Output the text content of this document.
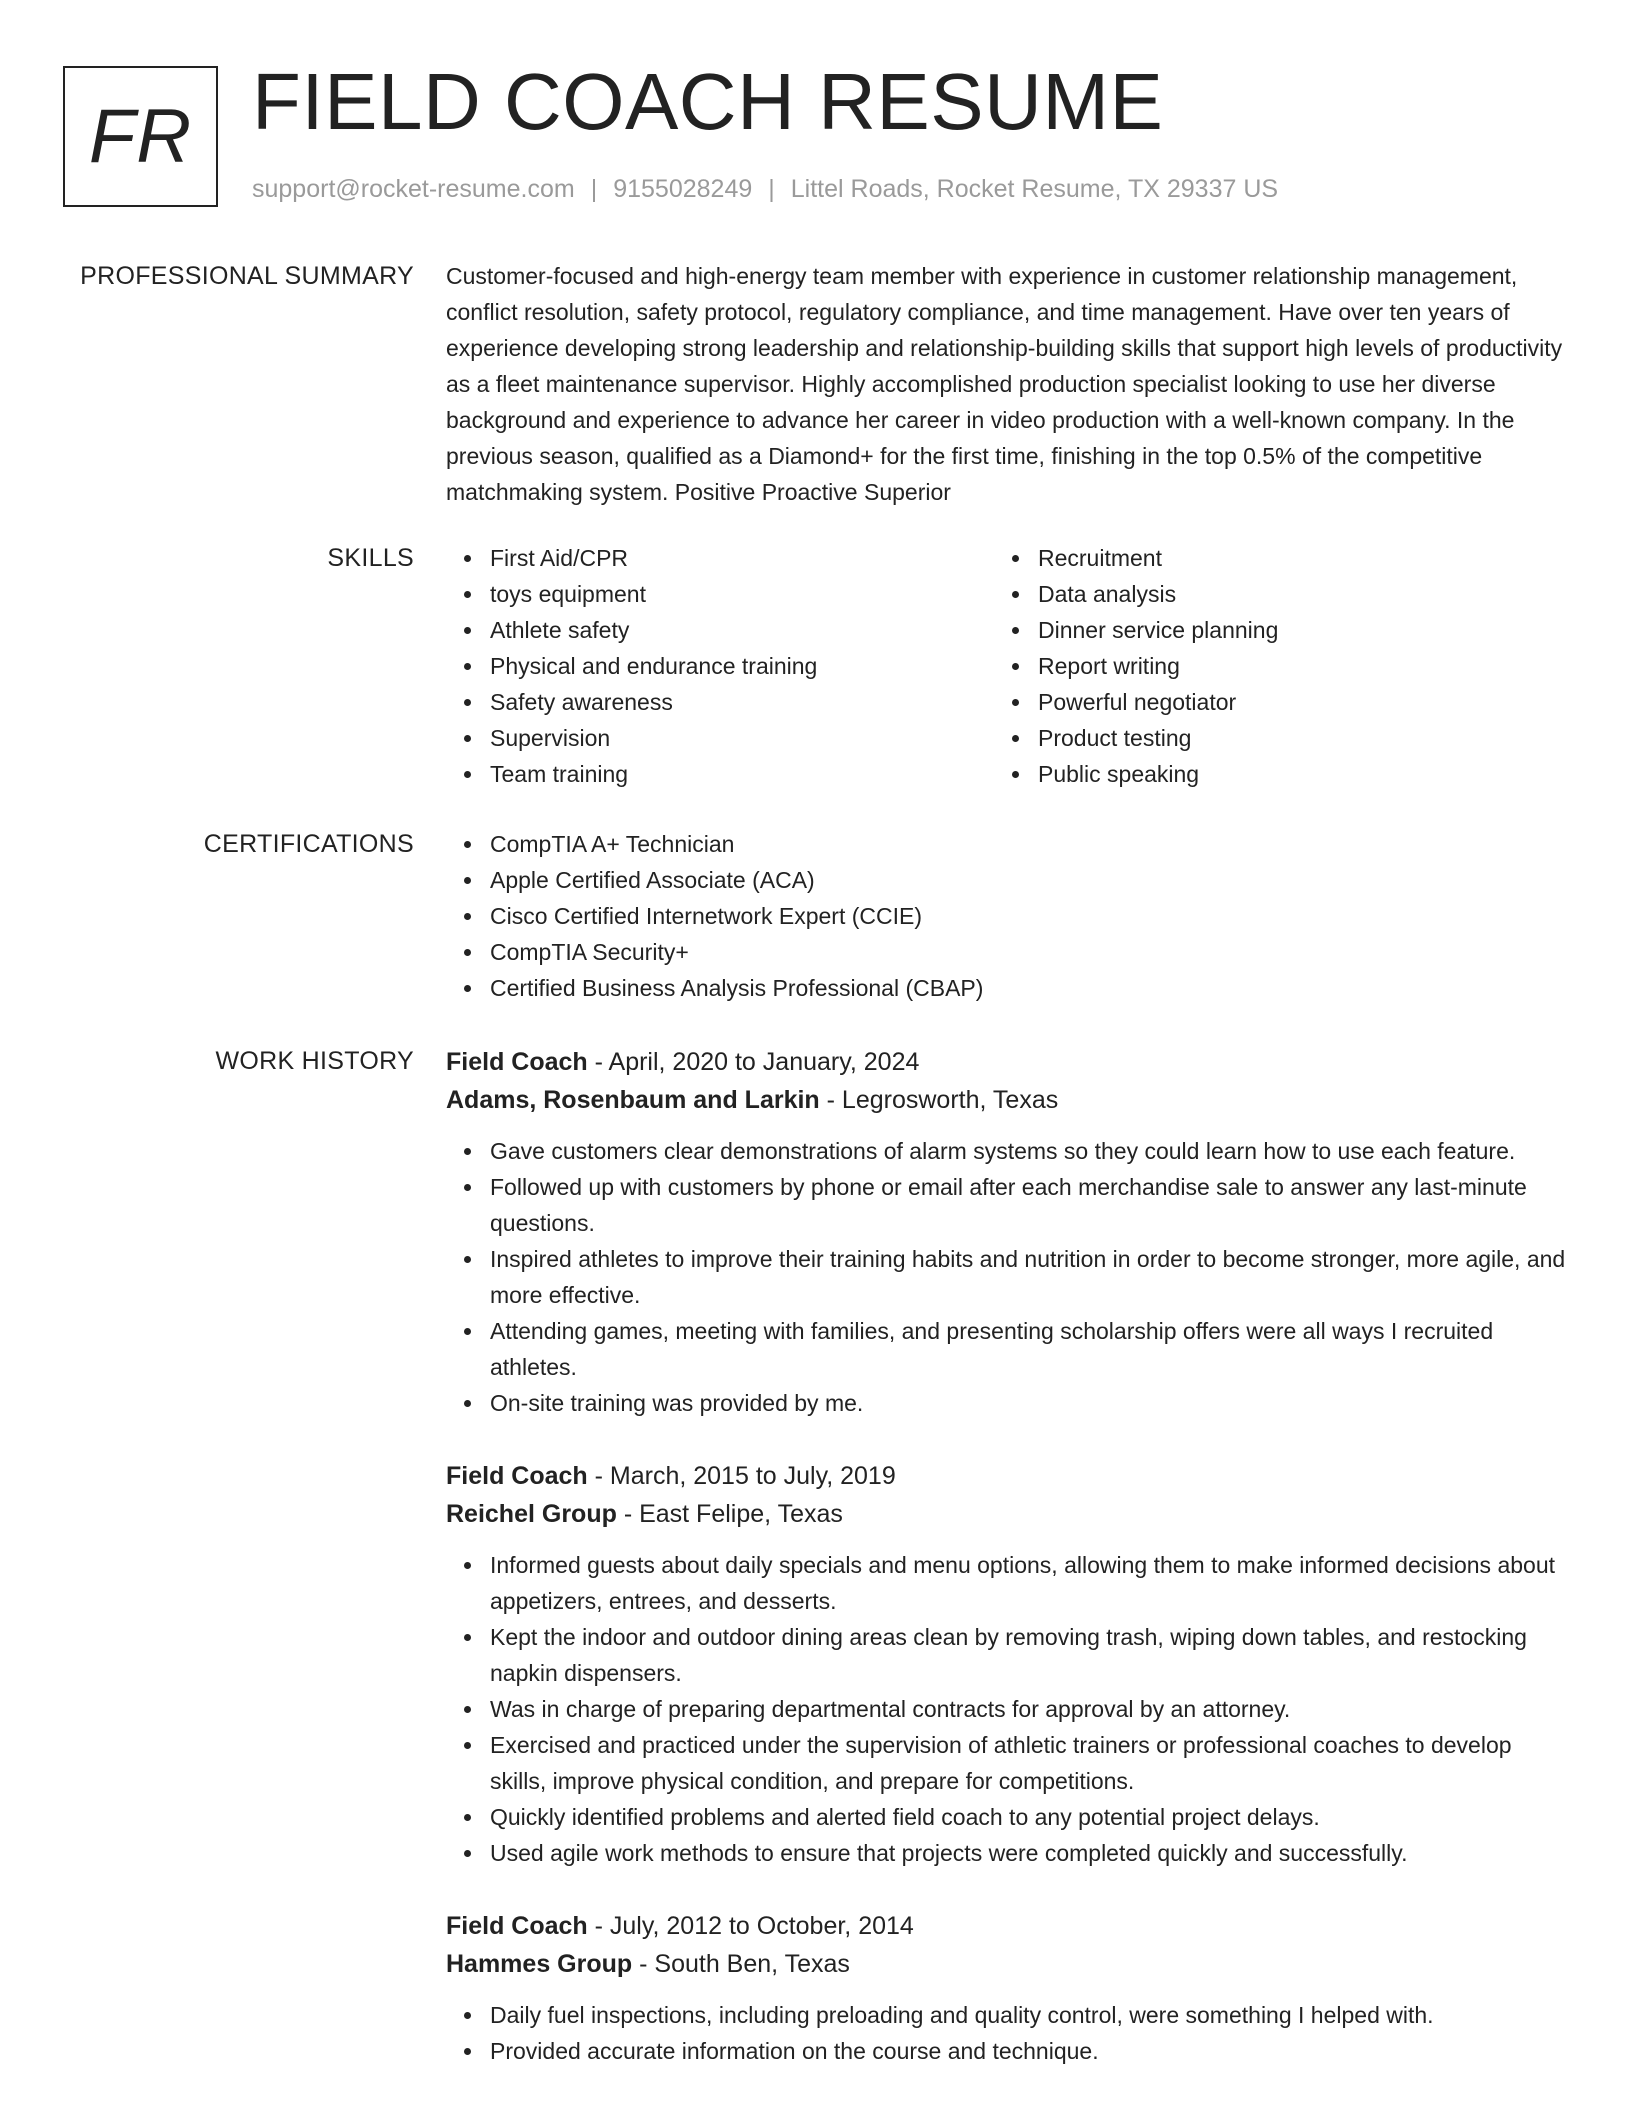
FR FIELD COACH RESUME
support@rocket-resume.com | 9155028249 | Littel Roads, Rocket Resume, TX 29337 US
PROFESSIONAL SUMMARY Customer-focused and high-energy team member with experience in customer relationship management, conflict resolution, safety protocol, regulatory compliance, and time management. Have over ten years of experience developing strong leadership and relationship-building skills that support high levels of productivity as a fleet maintenance supervisor. Highly accomplished production specialist looking to use her diverse background and experience to advance her career in video production with a well-known company. In the previous season, qualified as a Diamond+ for the first time, finishing in the top 0.5% of the competitive matchmaking system. Positive Proactive Superior

SKILLS	First Aid/CPR
toys equipment
Athlete safety
Physical and endurance training
Safety awareness
Supervision
Team training
Recruitment
Data analysis
Dinner service planning
Report writing
Powerful negotiator
Product testing
Public speaking
CERTIFICATIONS	CompTIA A+ Technician
Apple Certified Associate (ACA)
Cisco Certified Internetwork Expert (CCIE)
CompTIA Security+
Certified Business Analysis Professional (CBAP)
WORK HISTORY Field Coach - April, 2020 to January, 2024
Adams, Rosenbaum and Larkin - Legrosworth, Texas
Gave customers clear demonstrations of alarm systems so they could learn how to use each feature.
Followed up with customers by phone or email after each merchandise sale to answer any last-minute questions.
Inspired athletes to improve their training habits and nutrition in order to become stronger, more agile, and more effective.
Attending games, meeting with families, and presenting scholarship offers were all ways I recruited athletes.
On-site training was provided by me.
Field Coach - March, 2015 to July, 2019
Reichel Group - East Felipe, Texas
Informed guests about daily specials and menu options, allowing them to make informed decisions about appetizers, entrees, and desserts.
Kept the indoor and outdoor dining areas clean by removing trash, wiping down tables, and restocking napkin dispensers.
Was in charge of preparing departmental contracts for approval by an attorney.
Exercised and practiced under the supervision of athletic trainers or professional coaches to develop skills, improve physical condition, and prepare for competitions.
Quickly identified problems and alerted field coach to any potential project delays.
Used agile work methods to ensure that projects were completed quickly and successfully.
Field Coach - July, 2012 to October, 2014
Hammes Group - South Ben, Texas
Daily fuel inspections, including preloading and quality control, were something I helped with.
Provided accurate information on the course and technique.
